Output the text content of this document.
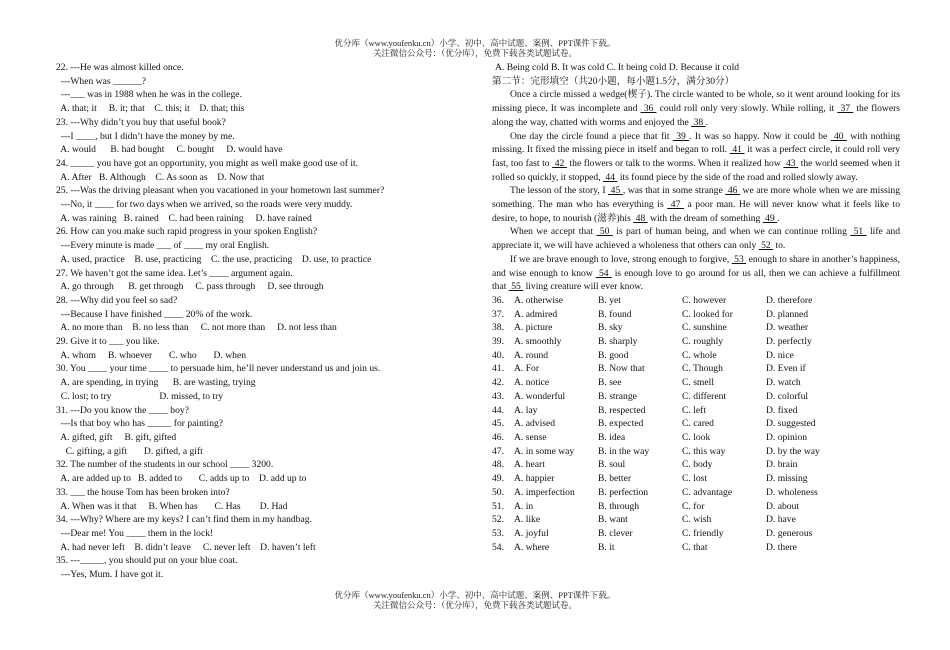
优分库（www.youfenku.cn）小学、初中、高中试题、案例、PPT课件下载。
关注微信公众号：（优分库），免费下载各类试题试卷。
22. ---He was almost killed once.
---When was ______?
---___ was in 1988 when he was in the college.
A. that; it     B. it; that    C. this; it    D. that; this
23. ---Why didn’t you buy that useful book?
---I ____, but I didn’t have the money by me.
A. would      B. had bought     C. bought     D. would have
24. _____ you have got an opportunity, you might as well make good use of it.
A. After   B. Although    C. As soon as    D. Now that
25. ---Was the driving pleasant when you vacationed in your hometown last summer?
---No, it ____ for two days when we arrived, so the roads were very muddy.
A. was raining   B. rained    C. had been raining     D. have rained
26. How can you make such rapid progress in your spoken English?
---Every minute is made ___ of ____ my oral English.
A. used, practice    B. use, practicing    C. the use, practicing    D. use, to practice
27. We haven’t got the same idea. Let’s ____ argument again.
A. go through      B. get through     C. pass through     D. see through
28. ---Why did you feel so sad?
---Because I have finished ____ 20% of the work.
A. no more than    B. no less than     C. not more than     D. not less than
29. Give it to ___ you like.
A. whom     B. whoever       C. who       D. when
30. You ____ your time ____ to persuade him, he’ll never understand us and join us.
A. are spending, in trying      B. are wasting, trying
C. lost; to try                    D. missed, to try
31. ---Do you know the ____ boy?
---Is that boy who has _____ for painting?
A. gifted, gift     B. gift, gifted
C. gifting, a gift       D. gifted, a gift
32. The number of the students in our school ____ 3200.
A. are added up to   B. added to       C. adds up to    D. add up to
33. ___ the house Tom has been broken into?
A. When was it that     B. When has       C. Has        D. Had
34. ---Why? Where are my keys? I can’t find them in my handbag.
---Dear me! You ____ them in the lock!
A. had never left    B. didn’t leave     C. never left    D. haven’t left
35. ---_____, you should put on your blue coat.
---Yes, Mum. I have got it.
A. Being cold B. It was cold C. It being cold D. Because it cold
第二节：完形填空（共20小题，每小题1.5分，满分30分）
Once a circle missed a wedge(楔子). The circle wanted to be whole, so it went around looking for its missing piece. It was incomplete and  36  could roll only very slowly. While rolling, it  37  the flowers along the way, chatted with worms and enjoyed the  38 .
One day the circle found a piece that fit  39 . It was so happy. Now it could be  40  with nothing missing. It fixed the missing piece in itself and began to roll.  41  it was a perfect circle, it could roll very fast, too fast to  42  the flowers or talk to the worms. When it realized how  43  the world seemed when it rolled so quickly, it stopped,  44  its found piece by the side of the road and rolled slowly away.
The lesson of the story, I  45 , was that in some strange  46  we are more whole when we are missing something. The man who has everything is  47  a poor man. He will never know what it feels like to desire, to hope, to nourish (滋养)his  48  with the dream of something  49 .
When we accept that  50  is part of human being, and when we can continue rolling  51  life and appreciate it, we will have achieved a wholeness that others can only  52  to.
If we are brave enough to love, strong enough to forgive,  53  enough to share in another’s happiness, and wise enough to know  54  is enough love to go around for us all, then we can achieve a fulfillment that  55  living creature will ever know.
36.	A. otherwise	B. yet	C. however	D. therefore
37.	A. admired	B. found	C. looked for	D. planned
38.	A. picture	B. sky	C. sunshine	D. weather
39.	A. smoothly	B. sharply	C. roughly	D. perfectly
40.	A. round	B. good	C. whole	D. nice
41.	A. For	B. Now that	C. Though	D. Even if
42.	A. notice	B. see	C. smell	D. watch
43.	A. wonderful	B. strange	C. different	D. colorful
44.	A. lay	B. respected	C. left	D. fixed
45.	A. advised	B. expected	C. cared	D. suggested
46.	A. sense	B. idea	C. look	D. opinion
47.	A. in some way	B. in the way	C. this way	D. by the way
48.	A. heart	B. soul	C. body	D. brain
49.	A. happier	B. better	C. lost	D. missing
50.	A. imperfection	B. perfection	C. advantage	D. wholeness
51.	A. in	B. through	C. for	D. about
52.	A. like	B. want	C. wish	D. have
53.	A. joyful	B. clever	C. friendly	D. generous
54.	A. where	B. it	C. that	D. there
优分库（www.youfenku.cn）小学、初中、高中试题、案例、PPT课件下载。
关注微信公众号：（优分库），免费下载各类试题试卷。
